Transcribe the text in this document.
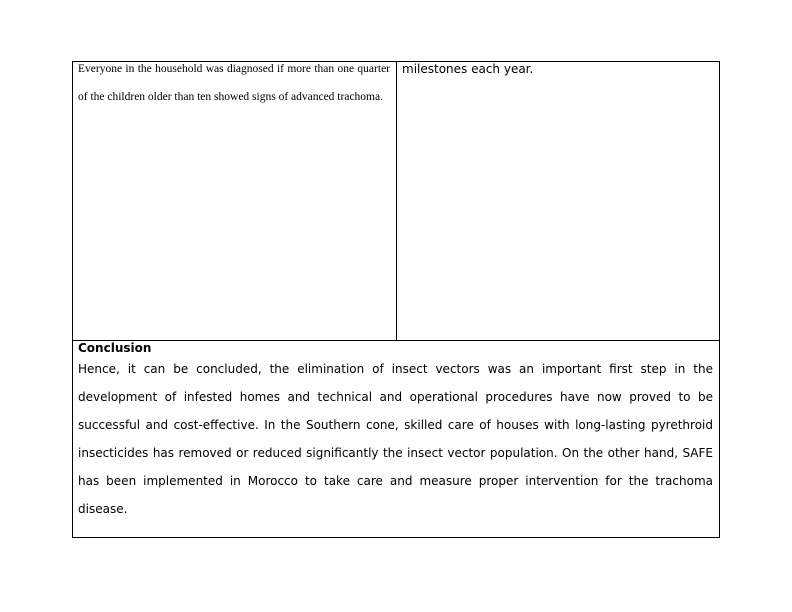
Everyone in the household was diagnosed if more than one quarter of the children older than ten showed signs of advanced trachoma.

milestones each year.

Conclusion

Hence, it can be concluded, the elimination of insect vectors was an important first step in the development of infested homes and technical and operational procedures have now proved to be successful and cost-effective. In the Southern cone, skilled care of houses with long-lasting pyrethroid insecticides has removed or reduced significantly the insect vector population. On the other hand, SAFE has been implemented in Morocco to take care and measure proper intervention for the trachoma disease.
